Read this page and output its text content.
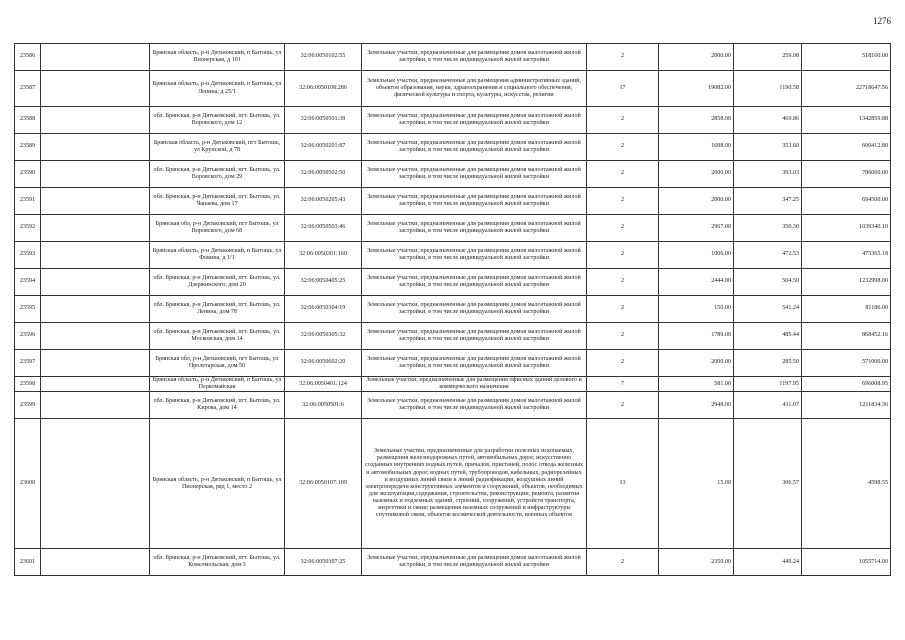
1276
23586		Брянская область, р-н Дятьковский, п Бытошь, ул Пионерская, д 101	32:06:0050102:55	Земельные участки, предназначенные для размещения домов малоэтажной жилой застройки, в том числе индивидуальной жилой застройки	2	2000.00	259.08	518160.00
23587		Брянская область, р-н Дятьковский, п Бытошь, ул Ленина, д 25/1	32:06:0050108:286	Земельные участки, предназначенные для размещения административных зданий, объектов образования, науки, здравоохранения и социального обеспечения, физической культуры и спорта, культуры, искусства, религии	17	19082.00	1190.58	22718647.56
23588		обл. Брянская, р-н Дятьковский, пгт. Бытошь, ул. Воровского, дом 12	32:06:0050501:39	Земельные участки, предназначенные для размещения домов малоэтажной жилой застройки, в том числе индивидуальной жилой застройки	2	2858.00	469.86	1342859.88
23589		Брянская область, р-н Дятьковский, пгт Бытошь, ул Крупской, д 78	32:06:0050201:87	Земельные участки, предназначенные для размещения домов малоэтажной жилой застройки, в том числе индивидуальной жилой застройки	2	1698.00	353.60	600412.80
23590		обл. Брянская, р-н Дятьковский, пгт. Бытошь, ул. Воровского, дом 29	32:06:0050502:50	Земельные участки, предназначенные для размещения домов малоэтажной жилой застройки, в том числе индивидуальной жилой застройки	2	2000.00	393.03	786060.00
23591		обл. Брянская, р-н Дятьковский, пгт. Бытошь, ул. Чапаева, дом 17	32:06:0050205:43	Земельные участки, предназначенные для размещения домов малоэтажной жилой застройки, в том числе индивидуальной жилой застройки	2	2000.00	347.25	694500.00
23592		Брянская обл, р-н Дятьковский, пгт Бытошь, ул Воровского, дом 68	32:06:0050503:46	Земельные участки, предназначенные для размещения домов малоэтажной жилой застройки, в том числе индивидуальной жилой застройки	2	2967.00	350.30	1039340.10
23593		Брянская область, р-н Дятьковский, п Бытошь, ул Фокина, д 1/1	32:06:0050301:160	Земельные участки, предназначенные для размещения домов малоэтажной жилой застройки, в том числе индивидуальной жилой застройки	2	1006.00	472.53	475365.18
23594		обл. Брянская, р-н Дятьковский, пгт. Бытошь, ул. Дзержинского, дом 20	32:06:0050405:25	Земельные участки, предназначенные для размещения домов малоэтажной жилой застройки, в том числе индивидуальной жилой застройки	2	2444.00	504.50	1232998.00
23595		обл. Брянская, р-н Дятьковский, пгт. Бытошь, ул. Ленина, дом 78	32:06:0050304:19	Земельные участки, предназначенные для размещения домов малоэтажной жилой застройки, в том числе индивидуальной жилой застройки	2	150.00	541.24	81186.00
23596		обл. Брянская, р-н Дятьковский, пгт. Бытошь, ул. Московская, дом 14	32:06:0050305:32	Земельные участки, предназначенные для размещения домов малоэтажной жилой застройки, в том числе индивидуальной жилой застройки	2	1789.00	485.44	868452.16
23597		Брянская обл, р-н Дятьковский, пгт Бытошь, ул Пролетарская, дом 50	32:06:0050602:20	Земельные участки, предназначенные для размещения домов малоэтажной жилой застройки, в том числе индивидуальной жилой застройки	2	2000.00	285.50	571000.00
23598		Брянская область, р-н Дятьковский, п Бытошь, ул Первомайская	32:06:0050401:124	Земельные участки, предназначенные для размещения офисных зданий делового и коммерческого назначения	7	581.00	1197.95	696008.95
23599		обл. Брянская, р-н Дятьковский, пгт. Бытошь, ул. Кирова, дом 14	32:06:0050501:6	Земельные участки, предназначенные для размещения домов малоэтажной жилой застройки, в том числе индивидуальной жилой застройки	2	2948.00	411.07	1211834.36
23600		Брянская область, р-н Дятьковский, п Бытошь, ул Пионерская, ряд 1, место 2	32:06:0050107:109	Земельные участки, предназначенные для разработки полезных ископаемых, размещения железнодорожных путей, автомобильных дорог, искусственно созданных внутренних водных путей, причалов, пристаней, полос отвода железных и автомобильных дорог, водных путей, трубопроводов, кабельных, радиорелейных и воздушных линий связи и линий радиофикации, воздушных линий электропередачи конструктивных элементов и сооружений, объектов, необходимых для эксплуатации,содержания, строительства, реконструкции, ремонта, развития наземных и подземных зданий, строений, сооружений, устройств транспорта, энергетики и связи; размещения наземных сооружений и инфраструктуры спутниковой связи, объектов космической деятельности, военных объектов	13	15.00	306.57	4598.55
23601		обл. Брянская, р-н Дятьковский, пгт. Бытошь, ул. Комсомольская, дом 3	32:06:0050307:25	Земельные участки, предназначенные для размещения домов малоэтажной жилой застройки, в том числе индивидуальной жилой застройки	2	2350.00	449.24	1055714.00
